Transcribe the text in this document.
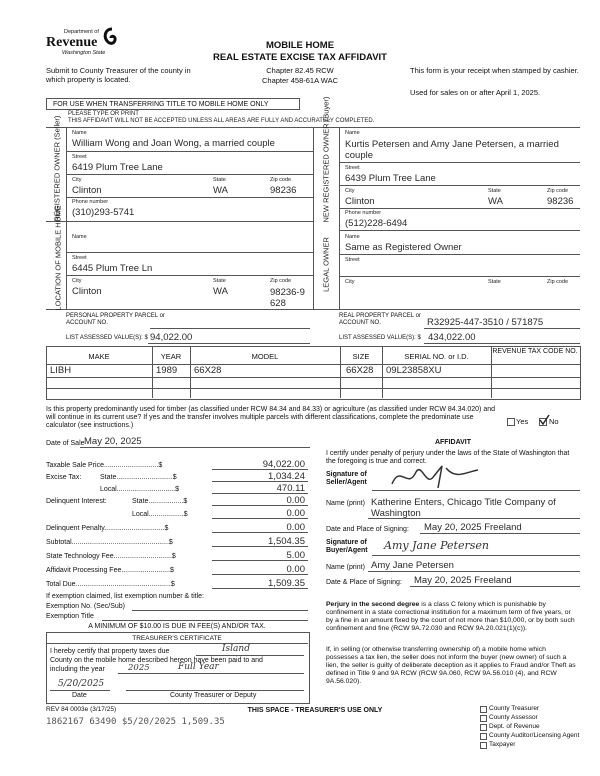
Department of
Revenue
Washington State
Submit to County Treasurer of the county in which property is located.
MOBILE HOME
REAL ESTATE EXCISE TAX AFFIDAVIT
Chapter 82.45 RCW
Chapter 458-61A WAC
This form is your receipt when stamped by cashier.
Used for sales on or after April 1, 2025.
FOR USE WHEN TRANSFERRING TITLE TO MOBILE HOME ONLY
PLEASE TYPE OR PRINT
THIS AFFIDAVIT WILL NOT BE ACCEPTED UNLESS ALL AREAS ARE FULLY AND ACCURATELY COMPLETED.
REGISTERED OWNER (Seller)	NEW REGISTERED OWNER (Buyer)
LOCATION OF MOBILE HOME	LEGAL OWNER
Name
William Wong and Joan Wong, a married couple
Street
6419 Plum Tree Lane
City	State	Zip code
Clinton	WA	98236
Phone number
(310)293-5741
Name
Kurtis Petersen and Amy Jane Petersen, a married couple
Street
6439 Plum Tree Lane
City	State	Zip code
Clinton	WA	98236
Phone number
(512)228-6494
Name
Street
6445 Plum Tree Ln
City	State	Zip code
Clinton	WA	98236-9628
Name
Same as Registered Owner
Street
City	State	Zip code
PERSONAL PROPERTY PARCEL or ACCOUNT NO.
LIST ASSESSED VALUE(S): $ 94,022.00
REAL PROPERTY PARCEL or ACCOUNT NO.	R32925-447-3510 / 571875
LIST ASSESSED VALUE(S): $ 434,022.00
MAKE	YEAR	MODEL	SIZE	SERIAL NO. or I.D.
REVENUE TAX CODE NO.
LIBH	1989 66X28	66X28 09L23858XU
Is this property predominantly used for timber (as classified under RCW 84.34 and 84.33) or agriculture (as classified under RCW 84.34.020) and will continue in its current use? If yes and the transfer involves multiple parcels with different classifications, complete the predominate use calculator (see instructions.)	Yes	No
Date of Sale May 20, 2025
Taxable Sale Price............................$	94,022.00
Excise Tax:	State.............................$	1,034.24
Local..............................$	470.11
Delinquent Interest:	State..................$	0.00
Local..................$	0.00
Delinquent Penalty...............................$	0.00
Subtotal..................................................$	1,504.35
State Technology Fee..............................$	5.00
Affidavit Processing Fee.........................$	0.00
Total Due.................................................$	1,509.35
If exemption claimed, list exemption number & title:
Exemption No. (Sec/Sub)
Exemption Title
A MINIMUM OF $10.00 IS DUE IN FEE(S) AND/OR TAX.
TREASURER'S CERTIFICATE
I hereby certify that property taxes due	Island
County on the mobile home described hereon have been paid to and
including the year	2025	Full Year
5/20/2025
Date	County Treasurer or Deputy
AFFIDAVIT
I certify under penalty of perjury under the laws of the State of Washington that the foregoing is true and correct.
Signature of Seller/Agent
Name (print) Katherine Enters, Chicago Title Company of Washington
Date and Place of Signing: May 20, 2025 Freeland
Signature of Buyer/Agent	Amy Jane Petersen
Name (print) Amy Jane Petersen
Date & Place of Signing: May 20, 2025 Freeland
Perjury in the second degree is a class C felony which is punishable by confinement in a state correctional institution for a maximum term of five years, or by a fine in an amount fixed by the court of not more than $10,000, or by both such confinement and fine (RCW 9A.72.030 and RCW 9A.20.021(1)(c)).
If, in selling (or otherwise transferring ownership of) a mobile home which possesses a tax lien, the seller does not inform the buyer (new owner) of such a lien, the seller is guilty of deliberate deception as it applies to Fraud and/or Theft as defined in Title 9 and 9A RCW (RCW 9A.060, RCW 9A.56.010 (4), and RCW 9A.56.020).
REV 84 0003e (3/17/25)	THIS SPACE - TREASURER'S USE ONLY
1862167 63490 $5/20/2025 1,509.35
County Treasurer
County Assessor
Dept. of Revenue
County Auditor/Licensing Agent
Taxpayer
